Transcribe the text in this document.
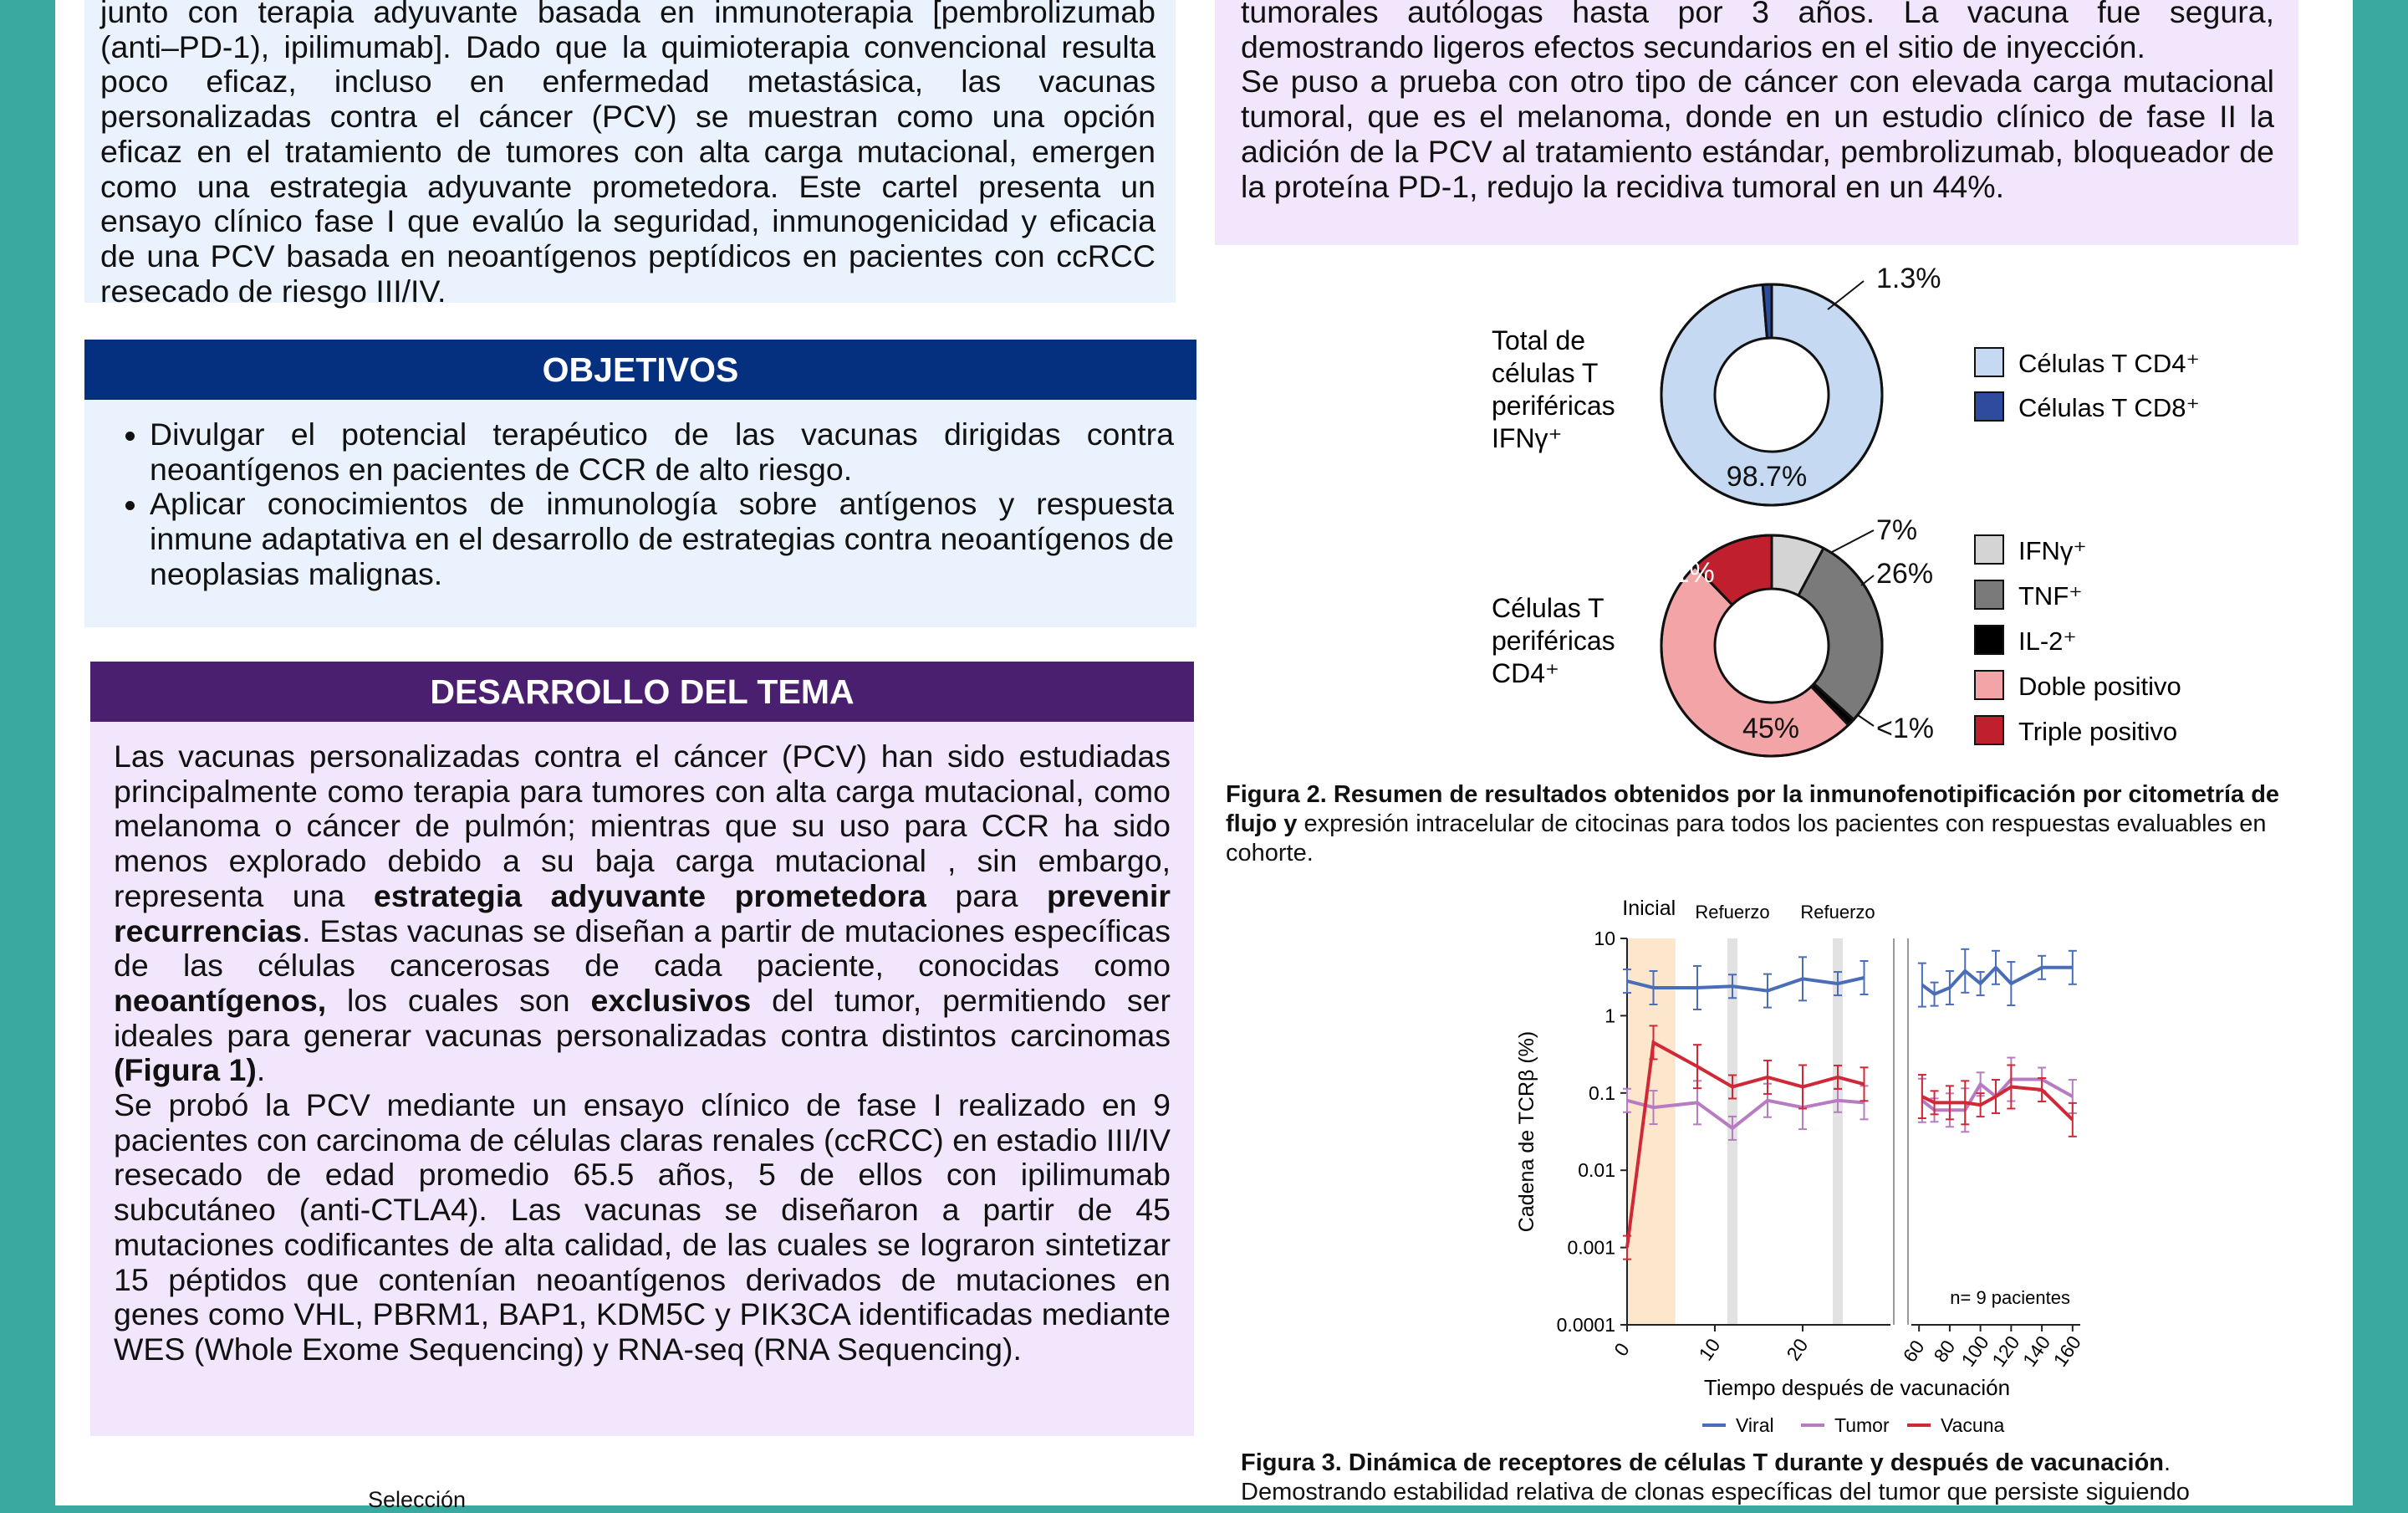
junto con terapia adyuvante basada en inmunoterapia [pembrolizumab (anti–PD-1), ipilimumab]. Dado que la quimioterapia convencional resulta poco eficaz, incluso en enfermedad metastásica, las vacunas personalizadas contra el cáncer (PCV) se muestran como una opción eficaz en el tratamiento de tumores con alta carga mutacional, emergen como una estrategia adyuvante prometedora. Este cartel presenta un ensayo clínico fase I que evalúo la seguridad, inmunogenicidad y eficacia de una PCV basada en neoantígenos peptídicos en pacientes con ccRCC resecado de riesgo III/IV.

OBJETIVOS
• Divulgar el potencial terapéutico de las vacunas dirigidas contra neoantígenos en pacientes de CCR de alto riesgo.
• Aplicar conocimientos de inmunología sobre antígenos y respuesta inmune adaptativa en el desarrollo de estrategias contra neoantígenos de neoplasias malignas.
DESARROLLO DEL TEMA

Las vacunas personalizadas contra el cáncer (PCV) han sido estudiadas principalmente como terapia para tumores con alta carga mutacional, como melanoma o cáncer de pulmón; mientras que su uso para CCR ha sido menos explorado debido a su baja carga mutacional , sin embargo, representa una estrategia adyuvante prometedora para prevenir recurrencias. Estas vacunas se diseñan a partir de mutaciones específicas de las células cancerosas de cada paciente, conocidas como neoantígenos, los cuales son exclusivos del tumor, permitiendo ser ideales para generar vacunas personalizadas contra distintos carcinomas (Figura 1).

Se probó la PCV mediante un ensayo clínico de fase I realizado en 9 pacientes con carcinoma de células claras renales (ccRCC) en estadio III/IV resecado de edad promedio 65.5 años, 5 de ellos con ipilimumab subcutáneo (anti-CTLA4). Las vacunas se diseñaron a partir de 45 mutaciones codificantes de alta calidad, de las cuales se lograron sintetizar 15 péptidos que contenían neoantígenos derivados de mutaciones en genes como VHL, PBRM1, BAP1, KDM5C y PIK3CA identificadas mediante WES (Whole Exome Sequencing) y RNA-seq (RNA Sequencing).

Selección

tumorales autólogas hasta por 3 años. La vacuna fue segura, demostrando ligeros efectos secundarios en el sitio de inyección.

Se puso a prueba con otro tipo de cáncer con elevada carga mutacional tumoral, que es el melanoma, donde en un estudio clínico de fase II la adición de la PCV al tratamiento estándar, pembrolizumab, bloqueador de la proteína PD-1, redujo la recidiva tumoral en un 44%.

98.7%
1.3%
Total de
células T
periféricas
IFNγ⁺
Células T CD4⁺
Células T CD8⁺
7%
26%
<1%
45%
11%
Células T
periféricas
CD4⁺
IFNγ⁺
TNF⁺
IL-2⁺
Doble positivo
Triple positivo
Figura 2. Resumen de resultados obtenidos por la inmunofenotipificación por citometría de flujo y expresión intracelular de citocinas para todos los pacientes con respuestas evaluables en cohorte.
10
1
0.1
0.01
0.001
0.0001
0	10	20	60 80
100
120
140
160
Inicial Refuerzo Refuerzo
Cadena de TCRβ (%)
Tiempo después de vacunación
n= 9 pacientes
Viral	Tumor	Vacuna
Figura 3. Dinámica de receptores de células T durante y después de vacunación. Demostrando estabilidad relativa de clonas específicas del tumor que persiste siguiendo
